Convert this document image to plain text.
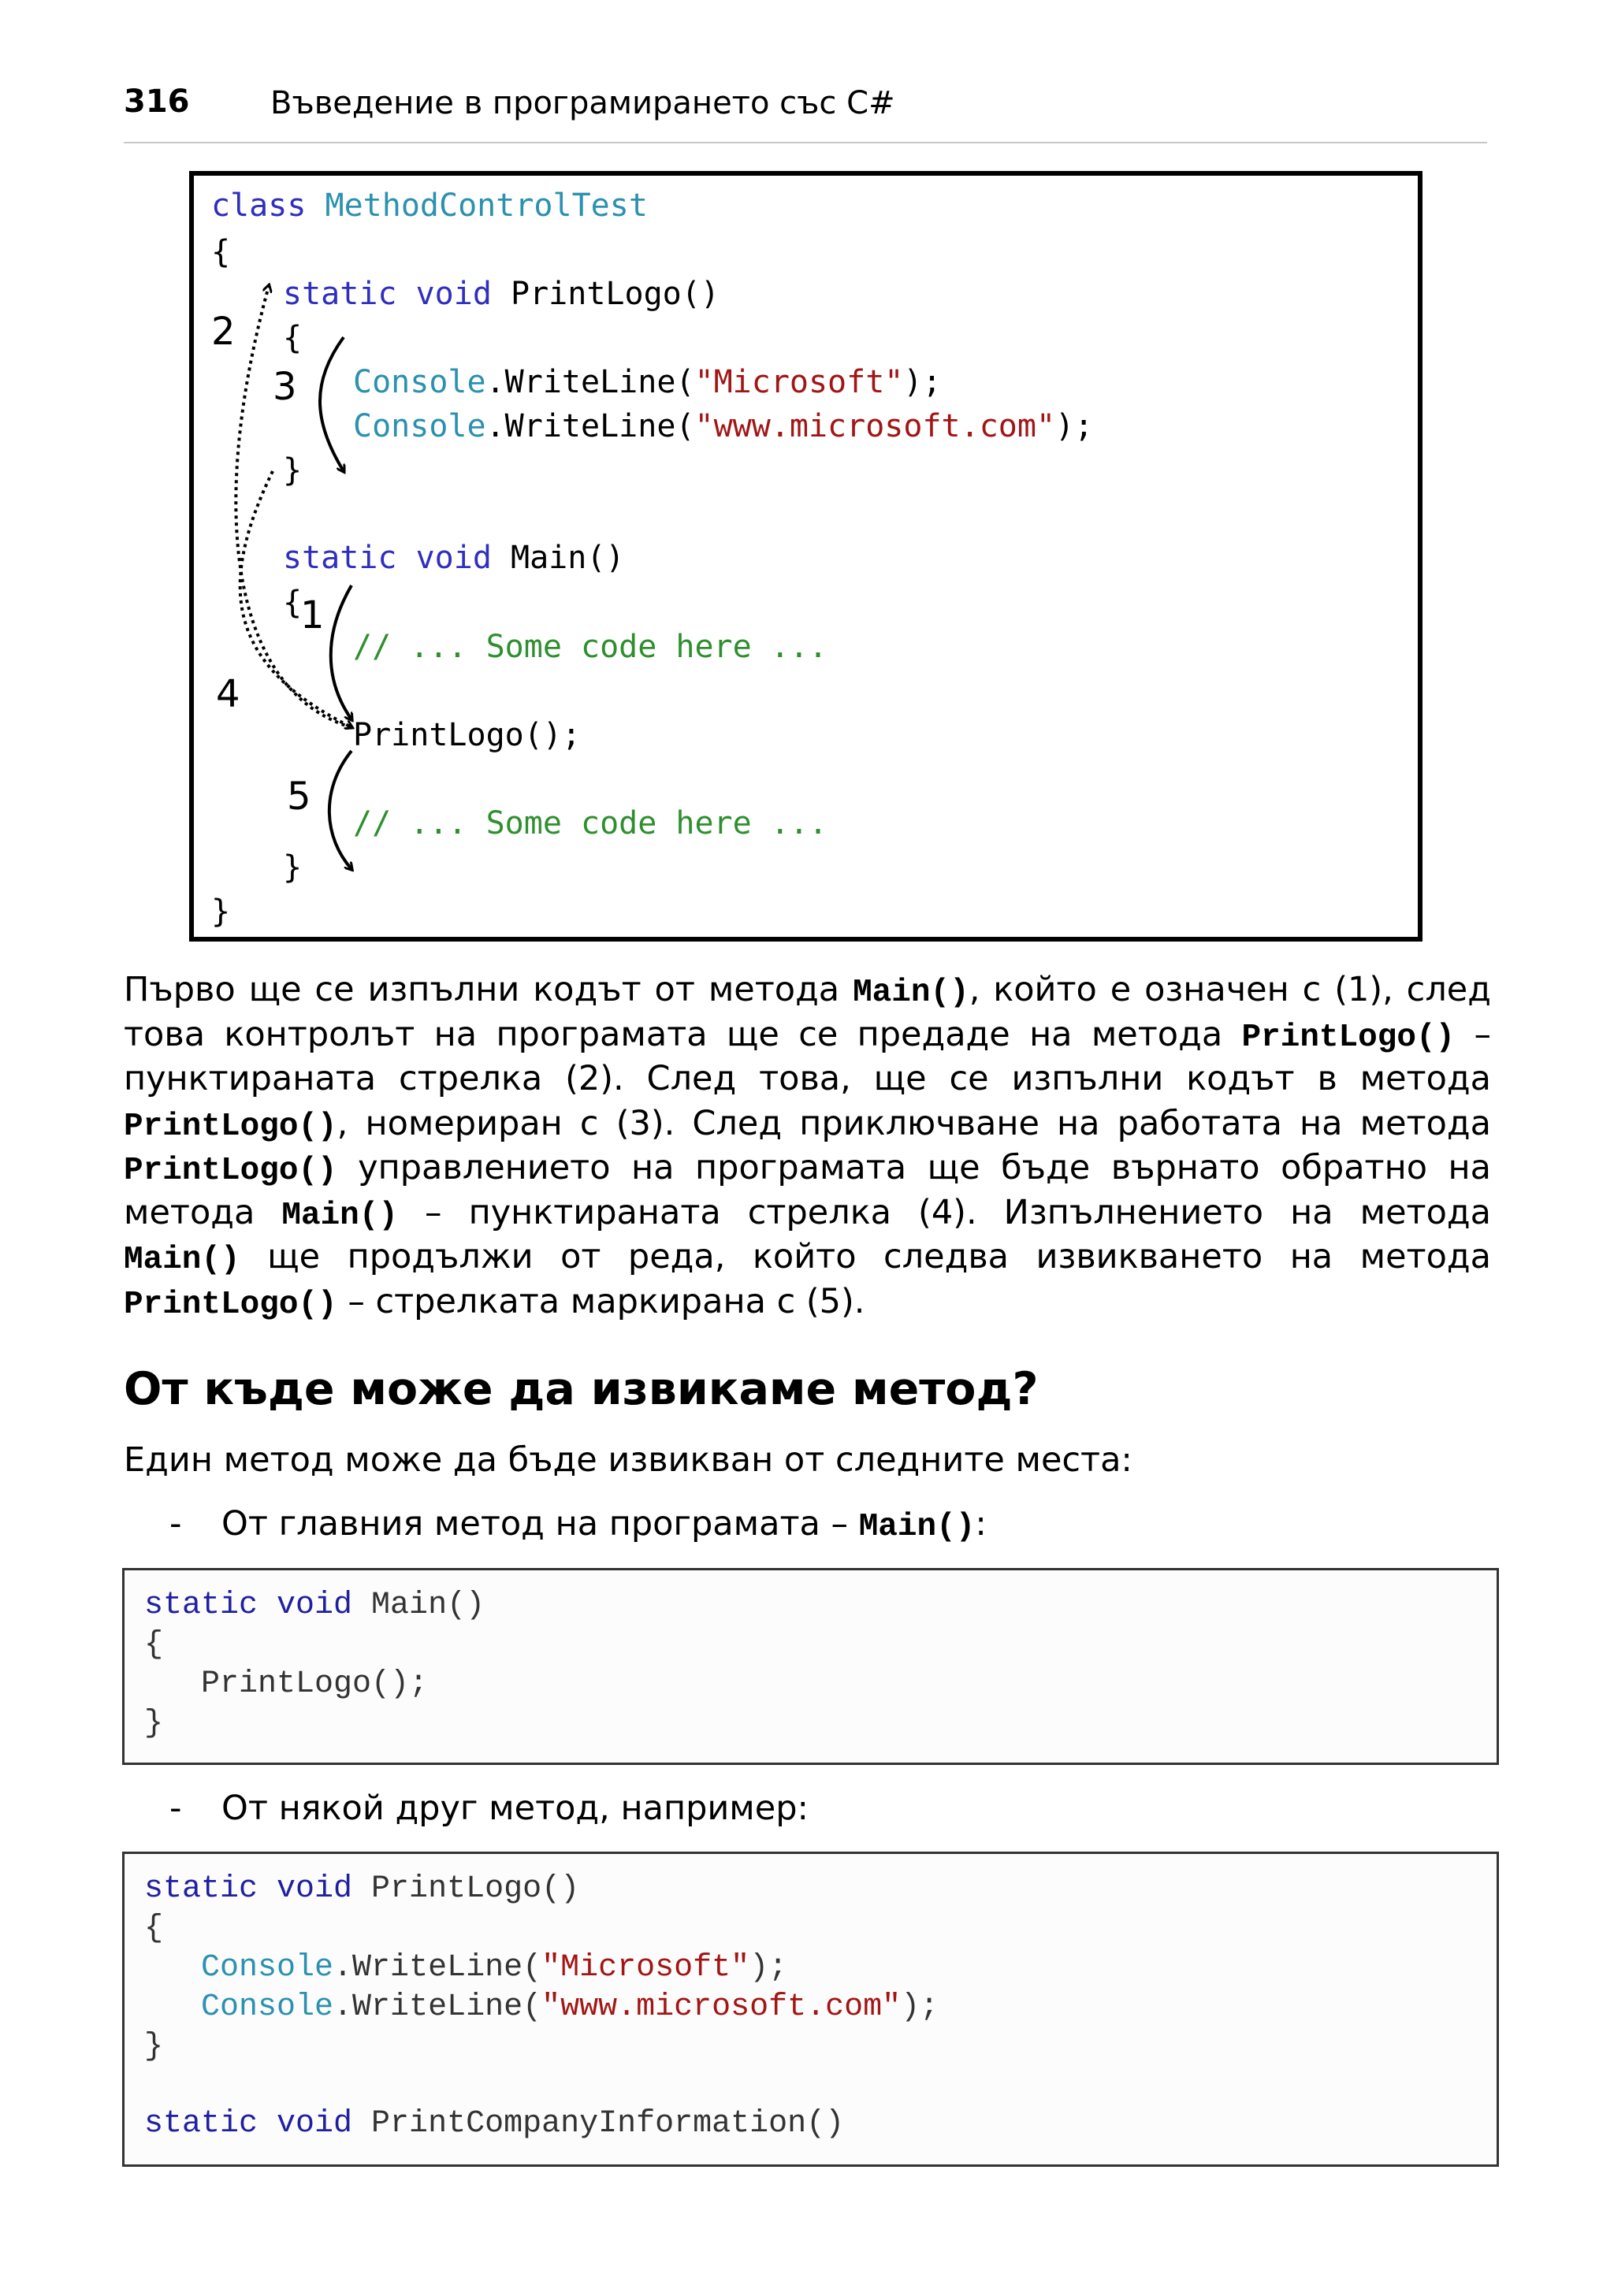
316	Въведение в програмирането със C#
class MethodControlTest
{
static void PrintLogo()
{
Console.WriteLine("Microsoft");
Console.WriteLine("www.microsoft.com");
}
static void Main()
{
// ... Some code here ...
PrintLogo();
// ... Some code here ...
}
}
2
3
1
4
5
Първо ще се изпълни кодът от метода Main(), който е означен с (1), след
това контролът на програмата ще се предаде на метода PrintLogo() –
пунктираната стрелка (2). След това, ще се изпълни кодът в метода
PrintLogo(), номериран с (3). След приключване на работата на метода
PrintLogo() управлението на програмата ще бъде върнато обратно на
метода Main() – пунктираната стрелка (4). Изпълнението на метода
Main() ще продължи от реда, който следва извикването на метода
PrintLogo() – стрелката маркирана с (5).
От къде може да извикаме метод?
Един метод може да бъде извикван от следните места:
- От главния метод на програмата – Main():
static void Main()
{
PrintLogo();
}
- От някой друг метод, например:
static void PrintLogo()
{
Console.WriteLine("Microsoft");
Console.WriteLine("www.microsoft.com");
}
static void PrintCompanyInformation()
